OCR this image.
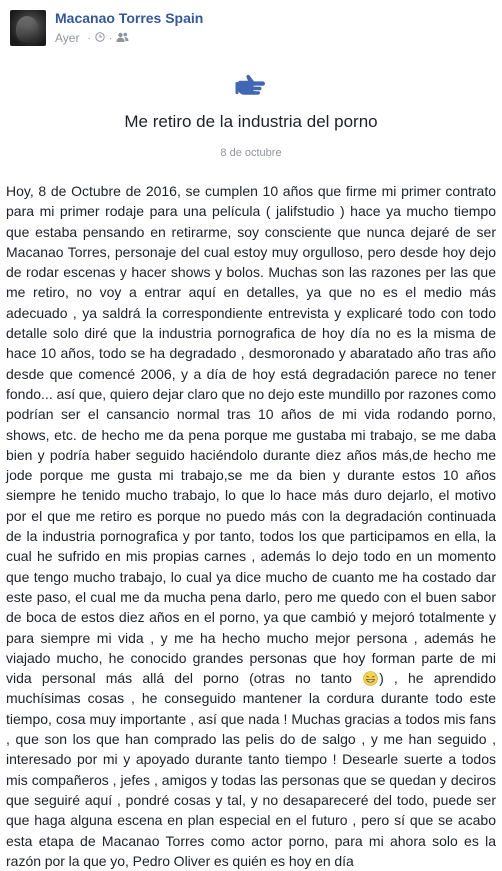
Macanao Torres Spain
Ayer · ·
Me retiro de la industria del porno
8 de octubre
Hoy, 8 de Octubre de 2016, se cumplen 10 años que firme mi primer contrato para mi primer rodaje para una película ( jalifstudio ) hace ya mucho tiempo que estaba pensando en retirarme, soy consciente que nunca dejaré de ser Macanao Torres, personaje del cual estoy muy orgulloso, pero desde hoy dejo de rodar escenas y hacer shows y bolos. Muchas son las razones per las que me retiro, no voy a entrar aquí en detalles, ya que no es el medio más adecuado , ya saldrá la correspondiente entrevista y explicaré todo con todo detalle solo diré que la industria pornografica de hoy día no es la misma de hace 10 años, todo se ha degradado , desmoronado y abaratado año tras año desde que comencé 2006, y a día de hoy está degradación parece no tener fondo... así que, quiero dejar claro que no dejo este mundillo por razones como podrían ser el cansancio normal tras 10 años de mi vida rodando porno, shows, etc. de hecho me da pena porque me gustaba mi trabajo, se me daba bien y podría haber seguido haciéndolo durante diez años más,de hecho me jode porque me gusta mi trabajo,se me da bien y durante estos 10 años siempre he tenido mucho trabajo, lo que lo hace más duro dejarlo, el motivo por el que me retiro es porque no puedo más con la degradación continuada de la industria pornografica y por tanto, todos los que participamos en ella, la cual he sufrido en mis propias carnes , además lo dejo todo en un momento que tengo mucho trabajo, lo cual ya dice mucho de cuanto me ha costado dar este paso, el cual me da mucha pena darlo, pero me quedo con el buen sabor de boca de estos diez años en el porno, ya que cambió y mejoró totalmente y para siempre mi vida , y me ha hecho mucho mejor persona , además he viajado mucho, he conocido grandes personas que hoy forman parte de mi vida personal más allá del porno (otras no tanto ) , he aprendido muchísimas cosas , he conseguido mantener la cordura durante todo este tiempo, cosa muy importante , así que nada ! Muchas gracias a todos mis fans , que son los que han comprado las pelis do de salgo , y me han seguido , interesado por mi y apoyado durante tanto tiempo ! Desearle suerte a todos mis compañeros , jefes , amigos y todas las personas que se quedan y deciros que seguiré aquí , pondré cosas y tal, y no desapareceré del todo, puede ser que haga alguna escena en plan especial en el futuro , pero sí que se acabo esta etapa de Macanao Torres como actor porno, para mi ahora solo es la razón por la que yo, Pedro Oliver es quién es hoy en día
